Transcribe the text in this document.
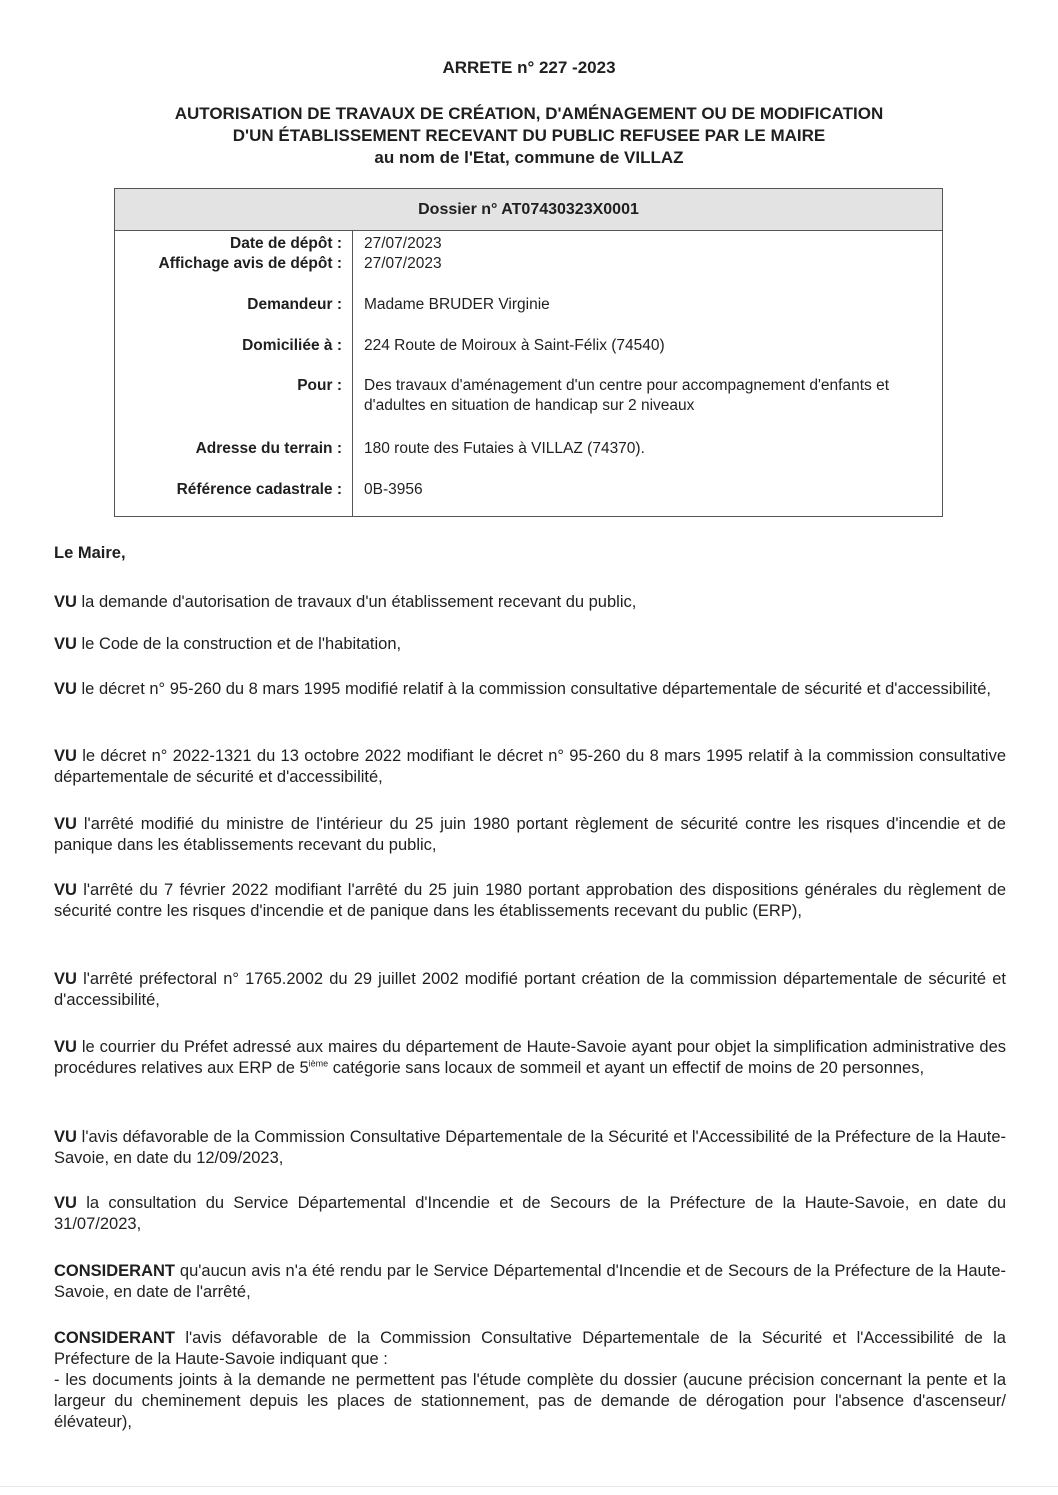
ARRETE n° 227 -2023
AUTORISATION DE TRAVAUX DE CRÉATION, D'AMÉNAGEMENT OU DE MODIFICATION
D'UN ÉTABLISSEMENT RECEVANT DU PUBLIC REFUSEE PAR LE MAIRE
au nom de l'Etat, commune de VILLAZ
Dossier n° AT07430323X0001
Date de dépôt : 27/07/2023
Affichage avis de dépôt : 27/07/2023
Demandeur : Madame BRUDER Virginie
Domiciliée à : 224 Route de Moiroux à Saint-Félix (74540)
Pour : Des travaux d'aménagement d'un centre pour accompagnement d'enfants et d'adultes en situation de handicap sur 2 niveaux
Adresse du terrain : 180 route des Futaies à VILLAZ (74370).
Référence cadastrale : 0B-3956
Le Maire,
VU la demande d'autorisation de travaux d'un établissement recevant du public,
VU le Code de la construction et de l'habitation,
VU le décret n° 95-260 du 8 mars 1995 modifié relatif à la commission consultative départementale de sécurité et d'accessibilité,
VU le décret n° 2022-1321 du 13 octobre 2022 modifiant le décret n° 95-260 du 8 mars 1995 relatif à la commission consultative départementale de sécurité et d'accessibilité,
VU l'arrêté modifié du ministre de l'intérieur du 25 juin 1980 portant règlement de sécurité contre les risques d'incendie et de panique dans les établissements recevant du public,
VU l'arrêté du 7 février 2022 modifiant l'arrêté du 25 juin 1980 portant approbation des dispositions générales du règlement de sécurité contre les risques d'incendie et de panique dans les établissements recevant du public (ERP),
VU l'arrêté préfectoral n° 1765.2002 du 29 juillet 2002 modifié portant création de la commission départementale de sécurité et d'accessibilité,
VU le courrier du Préfet adressé aux maires du département de Haute-Savoie ayant pour objet la simplification administrative des procédures relatives aux ERP de 5ième catégorie sans locaux de sommeil et ayant un effectif de moins de 20 personnes,
VU l'avis défavorable de la Commission Consultative Départementale de la Sécurité et l'Accessibilité de la Préfecture de la Haute-Savoie, en date du 12/09/2023,
VU la consultation du Service Départemental d'Incendie et de Secours de la Préfecture de la Haute-Savoie, en date du 31/07/2023,
CONSIDERANT qu'aucun avis n'a été rendu par le Service Départemental d'Incendie et de Secours de la Préfecture de la Haute-Savoie, en date de l'arrêté,
CONSIDERANT l'avis défavorable de la Commission Consultative Départementale de la Sécurité et l'Accessibilité de la Préfecture de la Haute-Savoie indiquant que :
- les documents joints à la demande ne permettent pas l'étude complète du dossier (aucune précision concernant la pente et la largeur du cheminement depuis les places de stationnement, pas de demande de dérogation pour l'absence d'ascenseur/élévateur),
